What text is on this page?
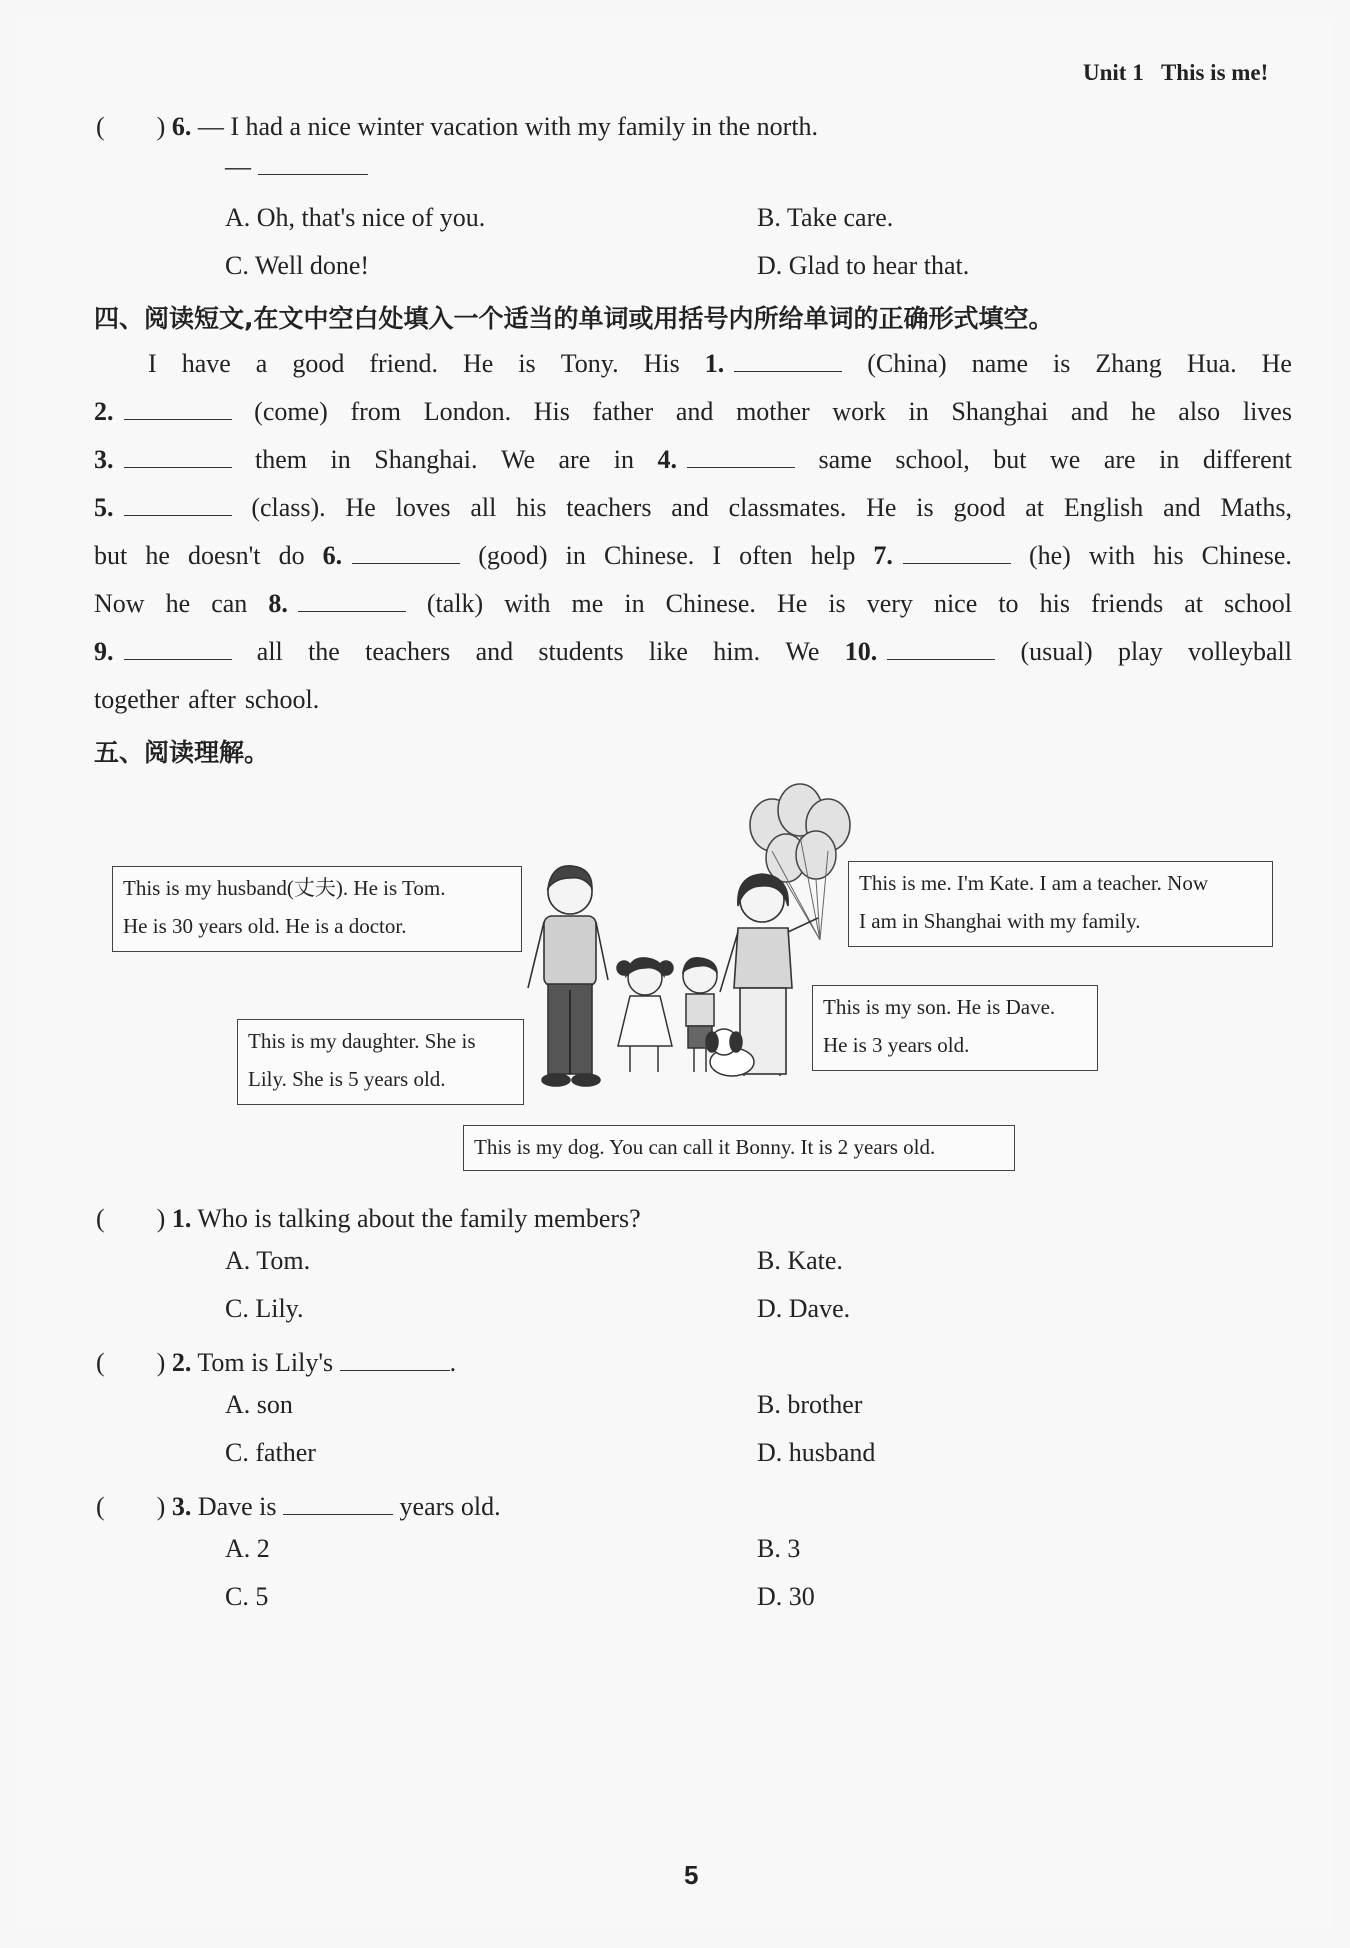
Unit 1 This is me!
(　　) 6. — I had a nice winter vacation with my family in the north.
—
A. Oh, that's nice of you.	B. Take care.
C. Well done!	D. Glad to hear that.
四、阅读短文,在文中空白处填入一个适当的单词或用括号内所给单词的正确形式填空。
I have a good friend. He is Tony. His 1.	(China) name is Zhang Hua. He
2.	(come) from London. His father and mother work in Shanghai and he also lives
3.	them in Shanghai. We are in 4.	same school, but we are in different
5.	(class). He loves all his teachers and classmates. He is good at English and Maths,
but he doesn't do 6.	(good) in Chinese. I often help 7.	(he) with his Chinese.
Now he can 8.	(talk) with me in Chinese. He is very nice to his friends at school
9.	all the teachers and students like him. We 10.	(usual) play volleyball
together after school.
五、阅读理解。
This is my husband(丈夫). He is Tom.
He is 30 years old. He is a doctor.
This is me. I'm Kate. I am a teacher. Now
I am in Shanghai with my family.
This is my daughter. She is
Lily. She is 5 years old.
This is my son. He is Dave.
He is 3 years old.
This is my dog. You can call it Bonny. It is 2 years old.
(　　) 1. Who is talking about the family members?
A. Tom.	B. Kate.
C. Lily.	D. Dave.
(　　) 2. Tom is Lily's	.
A. son	B. brother
C. father	D. husband
(　　) 3. Dave is	years old.
A. 2	B. 3
C. 5	D. 30
5
